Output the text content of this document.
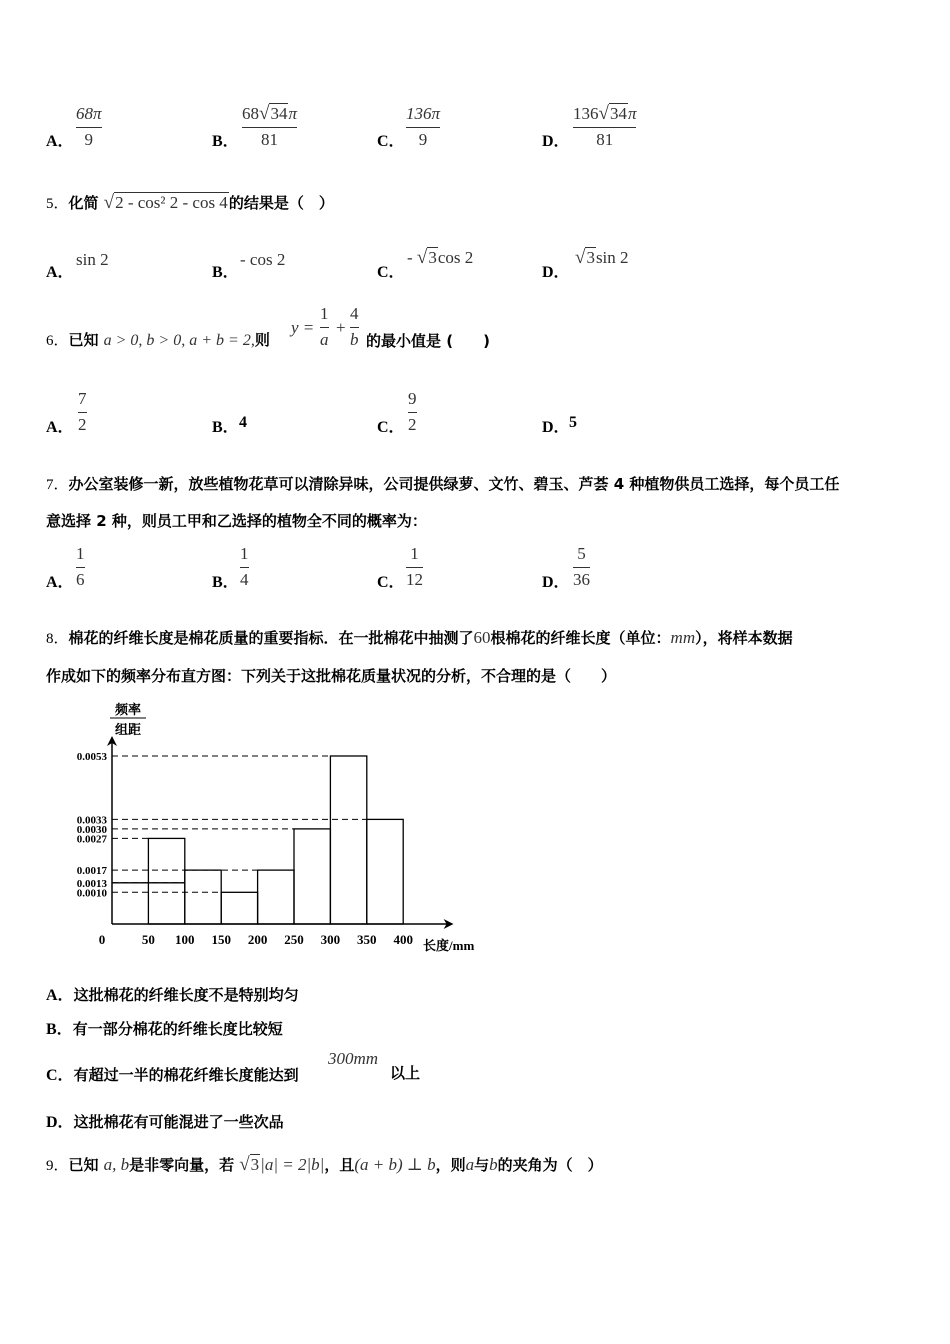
A．
68π
9	B．
68√34π
81	C．
136π
9	D．
136√34π
81
5．化简 √2 - cos² 2 - cos 4的结果是（　）
A．
sin 2
B．
- cos 2
C．
- √3cos 2
D．
√3sin 2
6．已知 a > 0, b > 0, a + b = 2,则
y =
1
a
+
4
b 的最小值是 (　　)
A．
7
2	B． 4	C．
9
2	D． 5
7．办公室装修一新，放些植物花草可以清除异味，公司提供绿萝、文竹、碧玉、芦荟 4 种植物供员工选择，每个员工任
意选择 2 种，则员工甲和乙选择的植物全不同的概率为：
A．
1
6	B．
1
4	C．
1
12	D．
5
36
8．棉花的纤维长度是棉花质量的重要指标．在一批棉花中抽测了60根棉花的纤维长度（单位：mm），将样本数据
作成如下的频率分布直方图：下列关于这批棉花质量状况的分析，不合理的是（　　）
频率
组距
0.0053
0.0033
0.0030
0.0027
0.0017
0.0013
0.0010
0	50 100 150 200 250 300 350 400 长度/mm
A．这批棉花的纤维长度不是特别均匀
B．有一部分棉花的纤维长度比较短
C．有超过一半的棉花纤维长度能达到
300mm
以上
D．这批棉花有可能混进了一些次品
9．已知 a, b是非零向量，若 √3|a| = 2|b|，且(a + b) ⊥ b，则a与b的夹角为（　）
